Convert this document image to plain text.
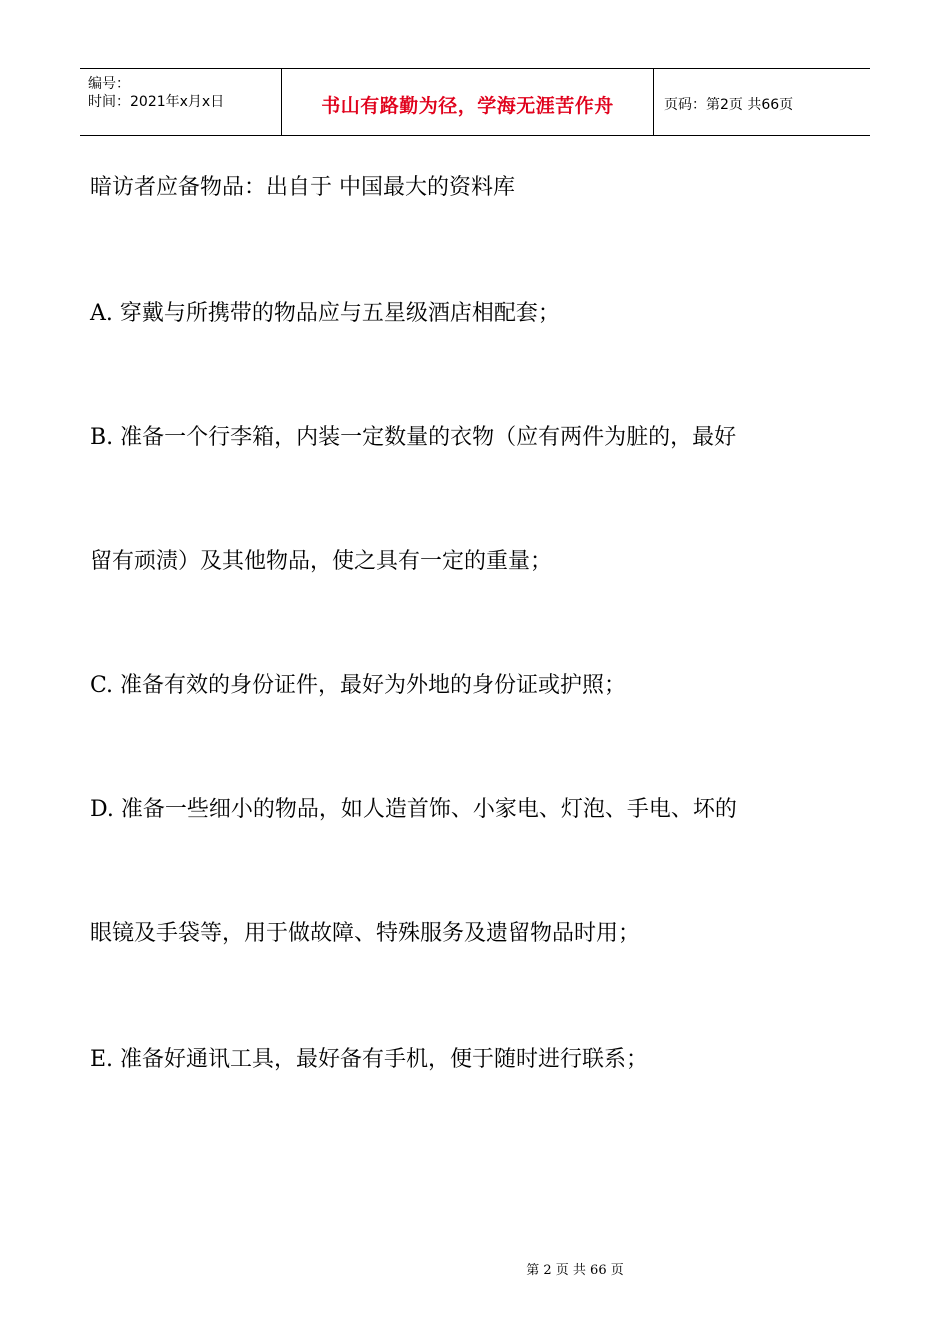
编号：
时间：2021年x月x日	书山有路勤为径，学海无涯苦作舟	页码：第2页 共66页
暗访者应备物品：出自于 中国最大的资料库
A. 穿戴与所携带的物品应与五星级酒店相配套；
B. 准备一个行李箱，内装一定数量的衣物（应有两件为脏的，最好
留有顽渍）及其他物品，使之具有一定的重量；
C. 准备有效的身份证件，最好为外地的身份证或护照；
D. 准备一些细小的物品，如人造首饰、小家电、灯泡、手电、坏的
眼镜及手袋等，用于做故障、特殊服务及遗留物品时用；
E. 准备好通讯工具，最好备有手机，便于随时进行联系；
第 2 页 共 66 页
